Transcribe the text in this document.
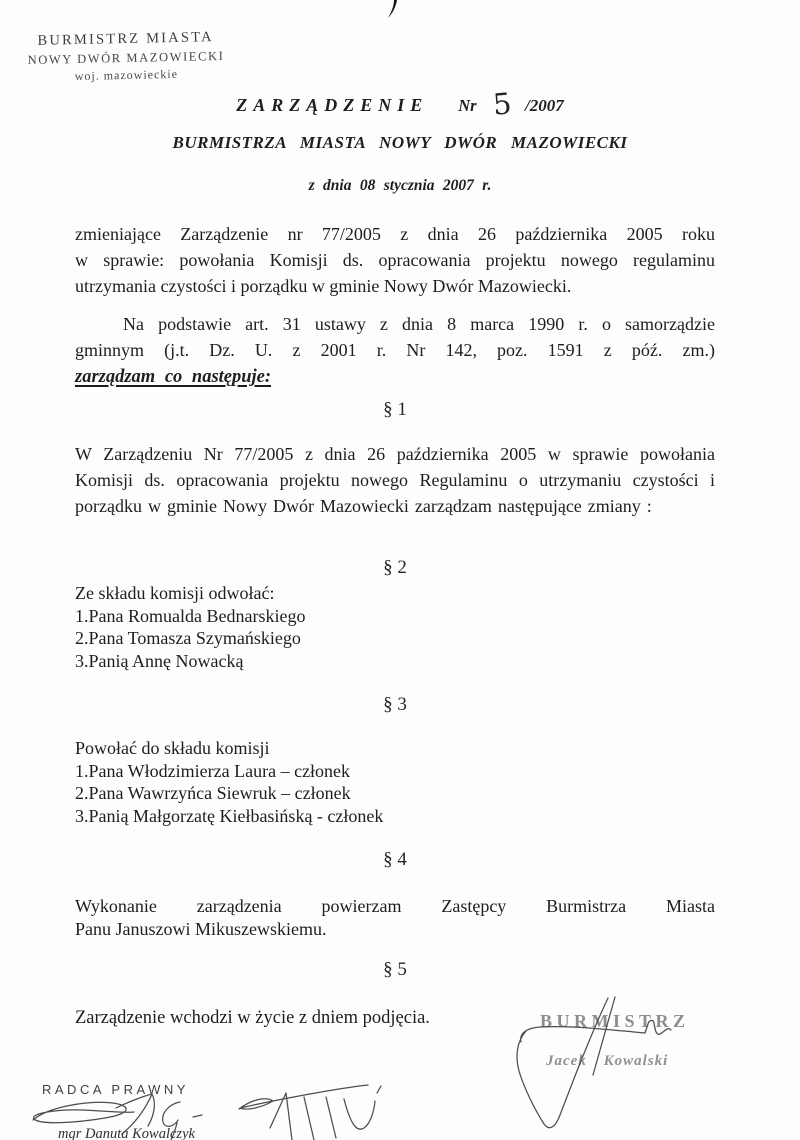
BURMISTRZ MIASTA
NOWY DWÓR MAZOWIECKI
woj. mazowieckie
ZARZĄDZENIE Nr 5 /2007
BURMISTRZA MIASTA NOWY DWÓR MAZOWIECKI
z dnia 08 stycznia 2007 r.
zmieniające Zarządzenie nr 77/2005 z dnia 26 października 2005 roku
w sprawie: powołania Komisji ds. opracowania projektu nowego regulaminu
utrzymania czystości i porządku w gminie Nowy Dwór Mazowiecki.
Na podstawie art. 31 ustawy z dnia 8 marca 1990 r. o samorządzie
gminnym (j.t. Dz. U. z 2001 r. Nr 142, poz. 1591 z póź. zm.)
zarządzam co następuje:
§ 1
W Zarządzeniu Nr 77/2005 z dnia 26 października 2005 w sprawie powołania
Komisji ds. opracowania projektu nowego Regulaminu o utrzymaniu czystości i
porządku w gminie Nowy Dwór Mazowiecki zarządzam następujące zmiany :
§ 2
Ze składu komisji odwołać:
1.Pana Romualda Bednarskiego
2.Pana Tomasza Szymańskiego
3.Panią Annę Nowacką
§ 3
Powołać do składu komisji
1.Pana Włodzimierza Laura – członek
2.Pana Wawrzyńca Siewruk – członek
3.Panią Małgorzatę Kiełbasińską - członek
§ 4
Wykonanie zarządzenia powierzam Zastępcy Burmistrza Miasta
Panu Januszowi Mikuszewskiemu.
§ 5
Zarządzenie wchodzi w życie z dniem podjęcia.	BURMISTRZ
Jacek Kowalski
RADCA PRAWNY
mgr Danuta Kowalczyk
